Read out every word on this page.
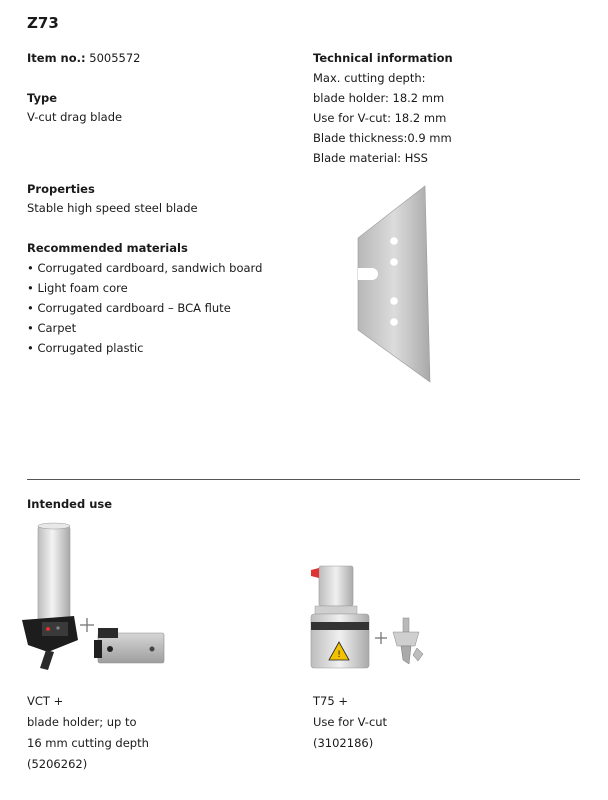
Z73
Item no.: 5005572
Type
V-cut drag blade
Properties
Stable high speed steel blade
Recommended materials
• Corrugated cardboard, sandwich board
• Light foam core
• Corrugated cardboard – BCA flute
• Carpet
• Corrugated plastic
Technical information
Max. cutting depth:
blade holder: 18.2 mm
Use for V-cut: 18.2 mm
Blade thickness:0.9 mm
Blade material: HSS
Intended use
!
VCT +
blade holder; up to
16 mm cutting depth
(5206262)
T75 +
Use for V-cut
(3102186)
